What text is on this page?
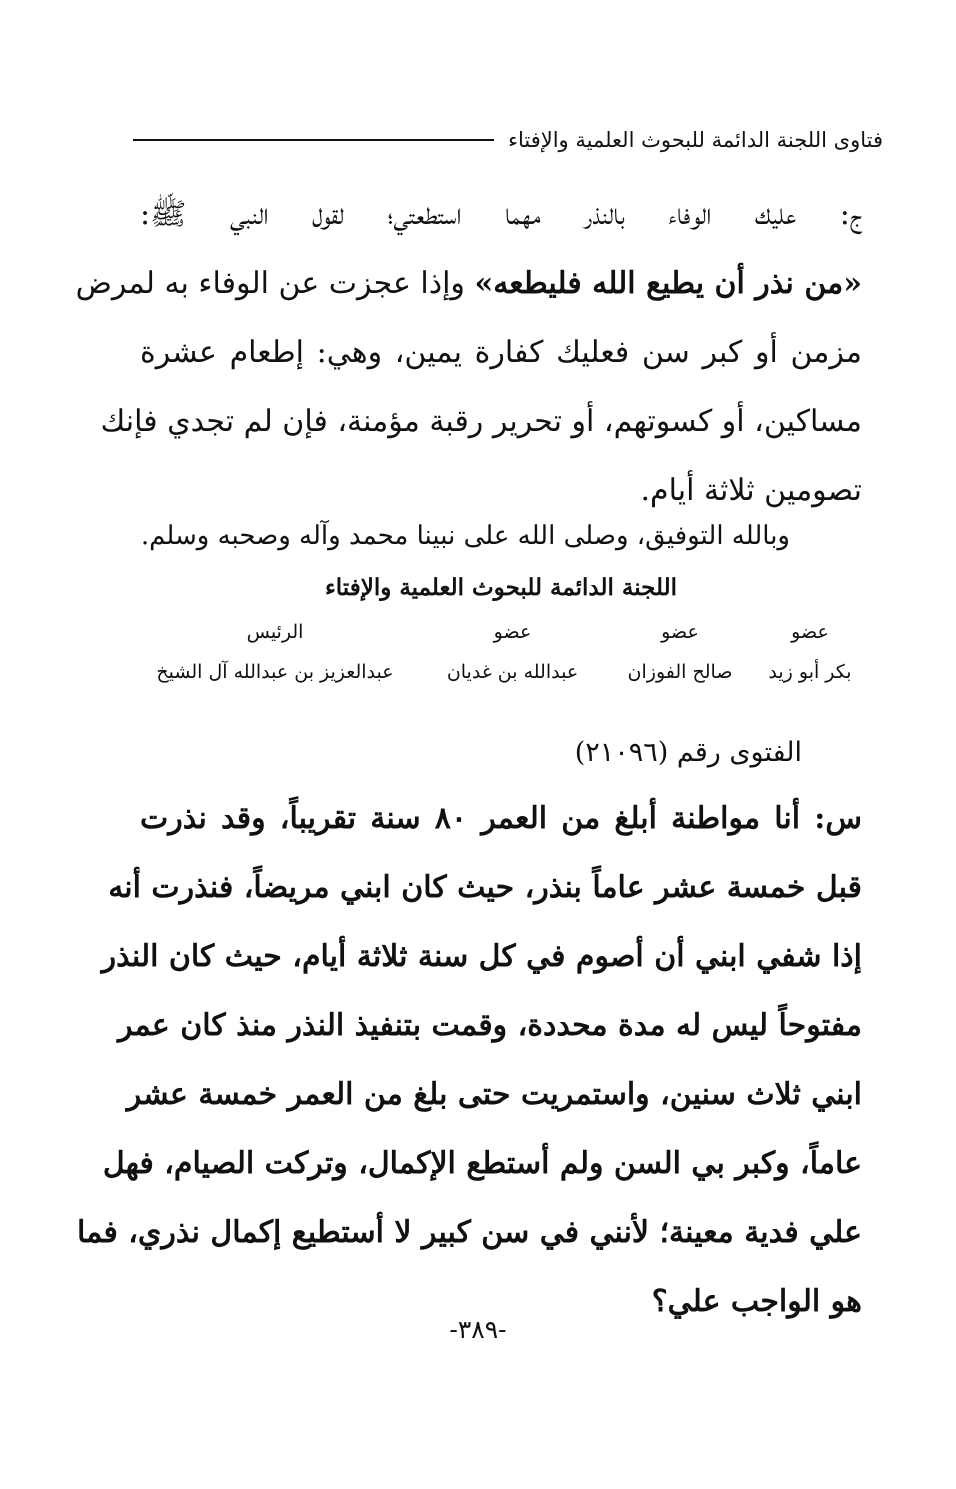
فتاوى اللجنة الدائمة للبحوث العلمية والإفتاء
ج: عليك الوفاء بالنذر مهما استطعتي؛ لقول النبي ﷺ:
«من نذر أن يطيع الله فليطعه» وإذا عجزت عن الوفاء به لمرض
مزمن أو كبر سن فعليك كفارة يمين، وهي: إطعام عشرة
مساكين، أو كسوتهم، أو تحرير رقبة مؤمنة، فإن لم تجدي فإنك
تصومين ثلاثة أيام.
وبالله التوفيق، وصلى الله على نبينا محمد وآله وصحبه وسلم.
اللجنة الدائمة للبحوث العلمية والإفتاء
عضو
بكر أبو زيد
عضو
صالح الفوزان
عضو
عبدالله بن غديان
الرئيس
عبدالعزيز بن عبدالله آل الشيخ
الفتوى رقم (٢١٠٩٦)
س: أنا مواطنة أبلغ من العمر ٨٠ سنة تقريباً، وقد نذرت
قبل خمسة عشر عاماً بنذر، حيث كان ابني مريضاً، فنذرت أنه
إذا شفي ابني أن أصوم في كل سنة ثلاثة أيام، حيث كان النذر
مفتوحاً ليس له مدة محددة، وقمت بتنفيذ النذر منذ كان عمر
ابني ثلاث سنين، واستمريت حتى بلغ من العمر خمسة عشر
عاماً، وكبر بي السن ولم أستطع الإكمال، وتركت الصيام، فهل
علي فدية معينة؛ لأنني في سن كبير لا أستطيع إكمال نذري، فما
هو الواجب علي؟
-٣٨٩-
